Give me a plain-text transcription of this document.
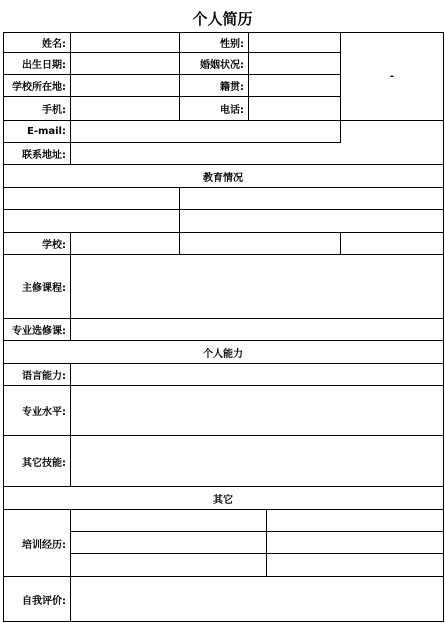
个人简历
姓名:	性别:
-
出生日期:	婚姻状况:
学校所在地:	籍贯:
手机:	电话:
E-mail:
联系地址:
教育情况
学校:
主修课程:
专业选修课:
个人能力
语言能力:
专业水平:
其它技能:
其它
培训经历:
自我评价:
